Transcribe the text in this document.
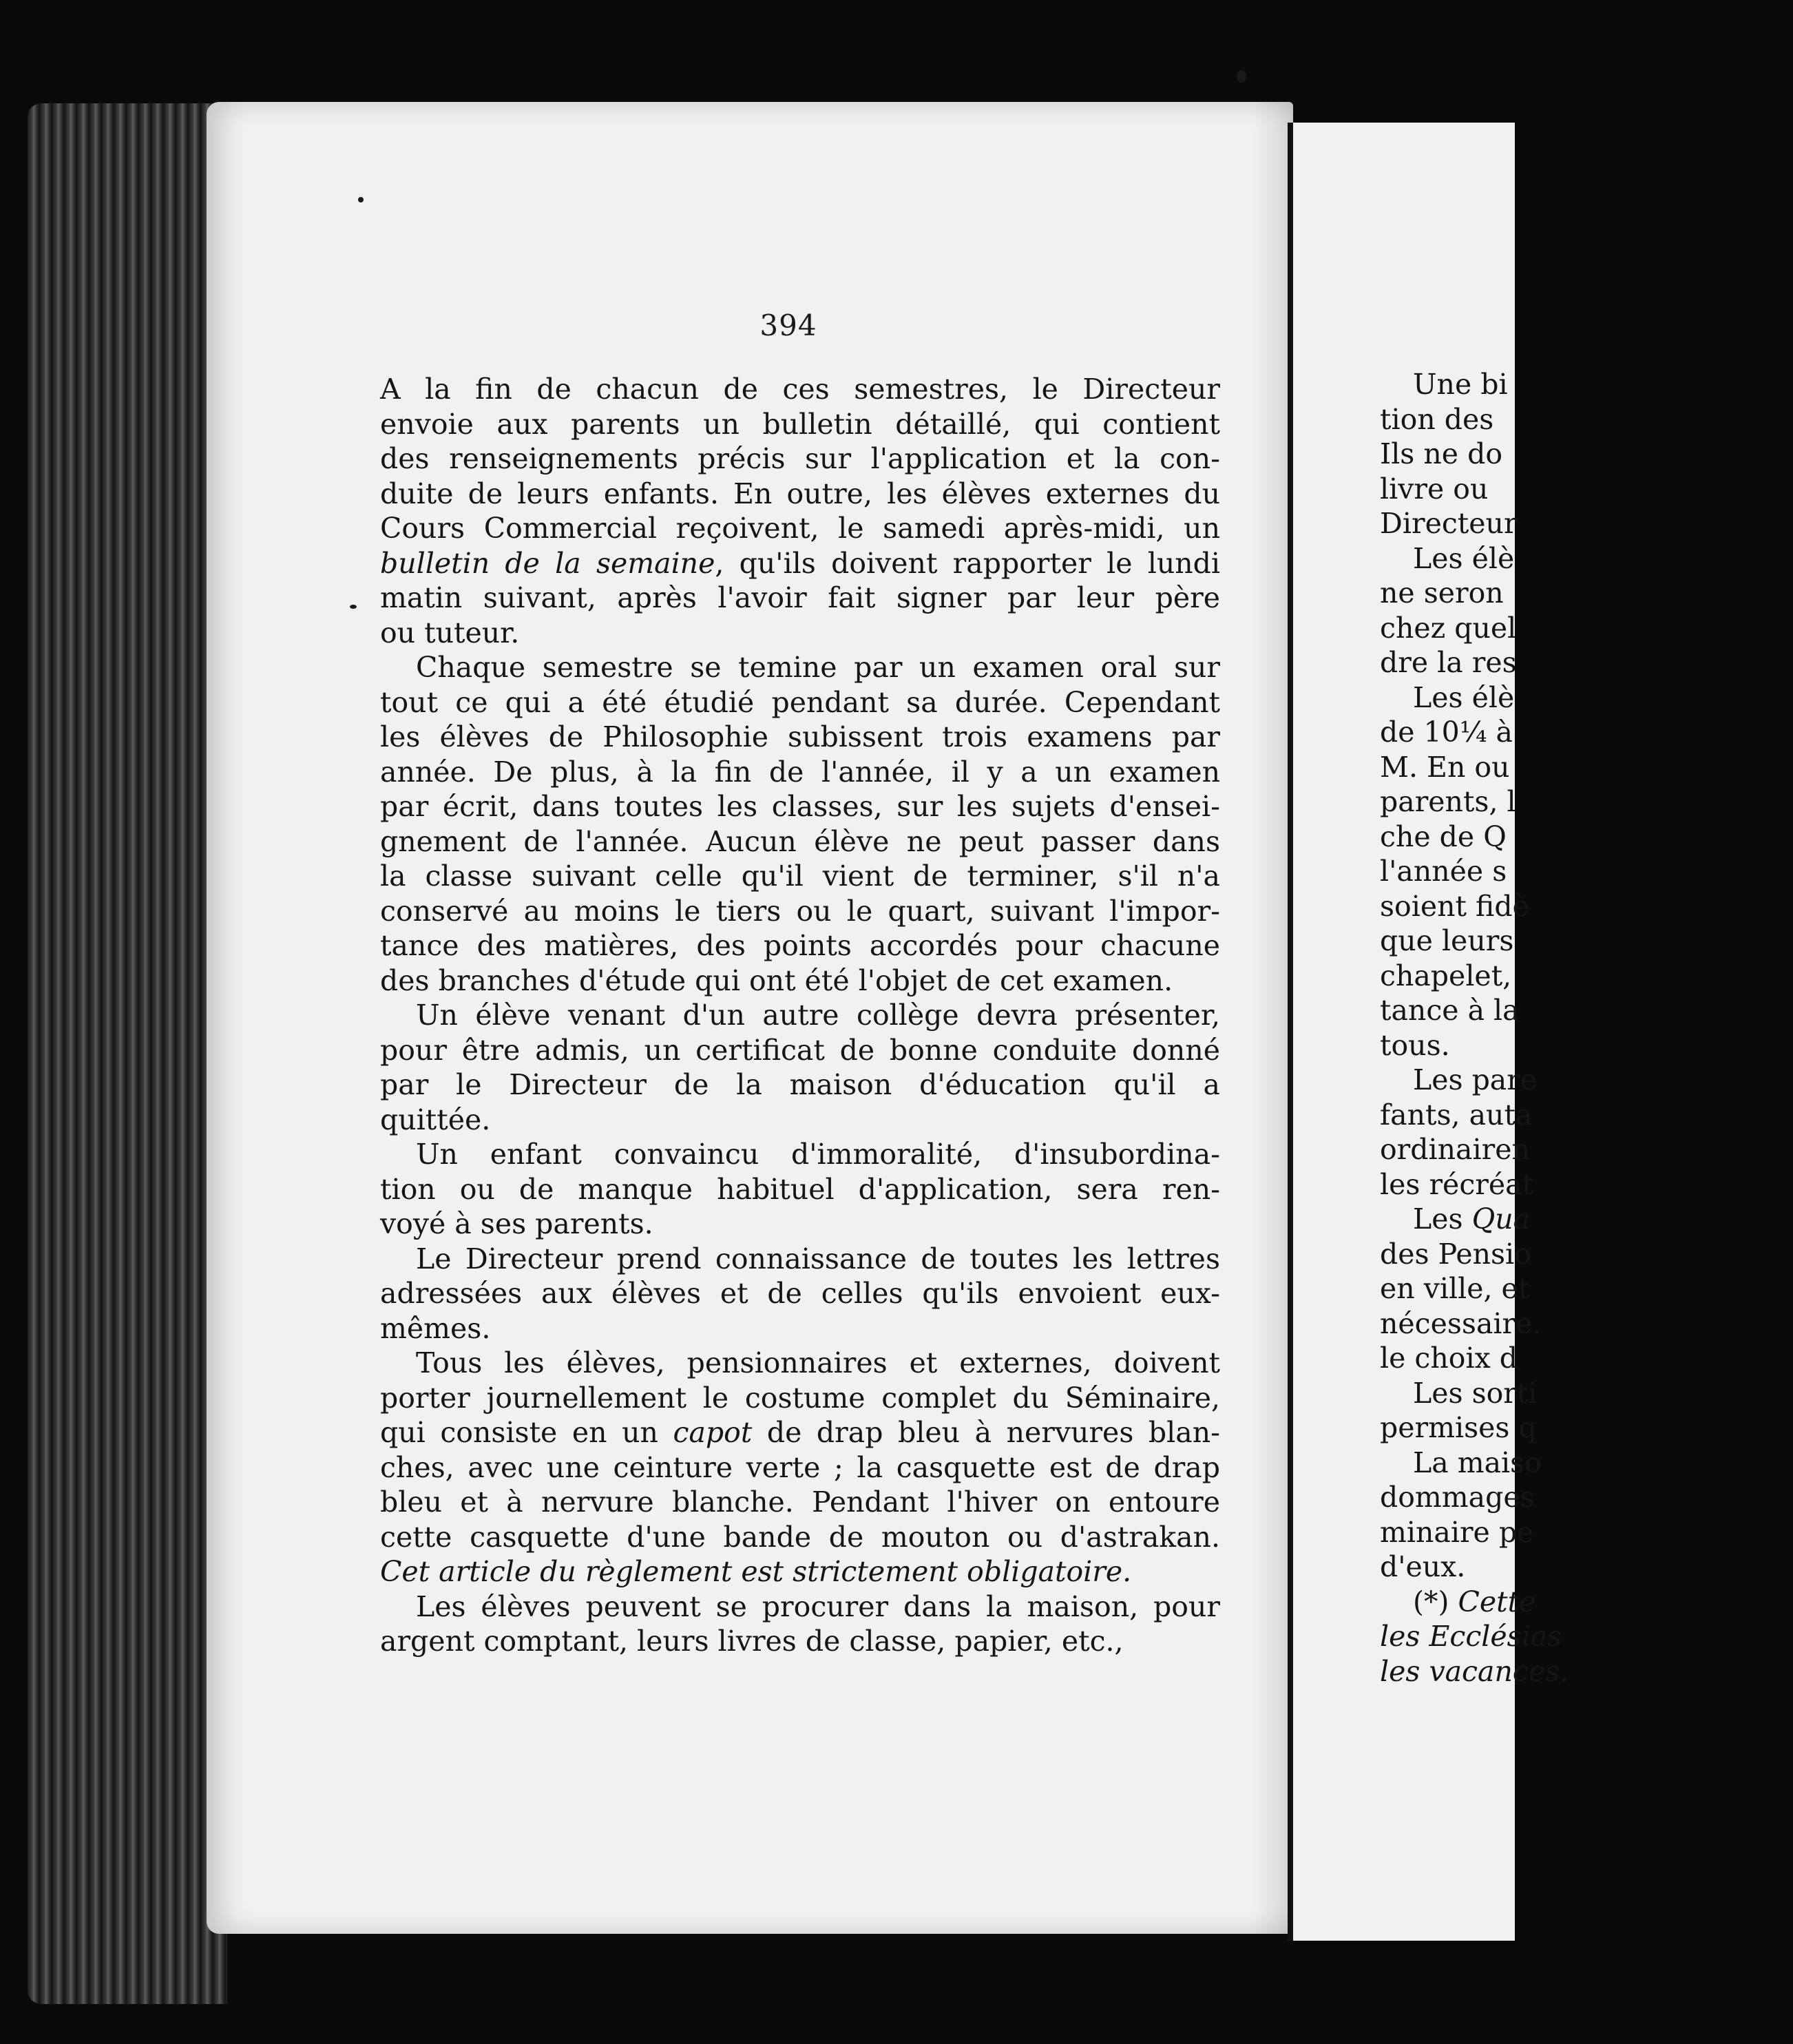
394
A la fin de chacun de ces semestres, le Directeur
envoie aux parents un bulletin détaillé, qui contient
des renseignements précis sur l'application et la con-
duite de leurs enfants. En outre, les élèves externes du
Cours Commercial reçoivent, le samedi après-midi, un
bulletin de la semaine, qu'ils doivent rapporter le lundi
matin suivant, après l'avoir fait signer par leur père
ou tuteur.
Chaque semestre se temine par un examen oral sur
tout ce qui a été étudié pendant sa durée. Cependant
les élèves de Philosophie subissent trois examens par
année. De plus, à la fin de l'année, il y a un examen
par écrit, dans toutes les classes, sur les sujets d'ensei-
gnement de l'année. Aucun élève ne peut passer dans
la classe suivant celle qu'il vient de terminer, s'il n'a
conservé au moins le tiers ou le quart, suivant l'impor-
tance des matières, des points accordés pour chacune
des branches d'étude qui ont été l'objet de cet examen.
Un élève venant d'un autre collège devra présenter,
pour être admis, un certificat de bonne conduite donné
par le Directeur de la maison d'éducation qu'il a
quittée.
Un enfant convaincu d'immoralité, d'insubordina-
tion ou de manque habituel d'application, sera ren-
voyé à ses parents.
Le Directeur prend connaissance de toutes les lettres
adressées aux élèves et de celles qu'ils envoient eux-
mêmes.
Tous les élèves, pensionnaires et externes, doivent
porter journellement le costume complet du Séminaire,
qui consiste en un capot de drap bleu à nervures blan-
ches, avec une ceinture verte ; la casquette est de drap
bleu et à nervure blanche. Pendant l'hiver on entoure
cette casquette d'une bande de mouton ou d'astrakan.
Cet article du règlement est strictement obligatoire.
Les élèves peuvent se procurer dans la maison, pour
argent comptant, leurs livres de classe, papier, etc.,
Une bi
tion des
Ils ne do
livre ou
Directeur
Les élè
ne seron
chez quel
dre la res
Les élè
de 10¼ à
M. En ou
parents, l
che de Q
l'année s
soient fidè
que leurs
chapelet,
tance à la
tous.
Les pare
fants, auta
ordinairen
les récréat
Les Qua
des Pensio
en ville, et
nécessaire.
le choix d
Les sorti
permises q
La maiso
dommages
minaire pe
d'eux.
(*) Cette
les Ecclésias
les vacances.
